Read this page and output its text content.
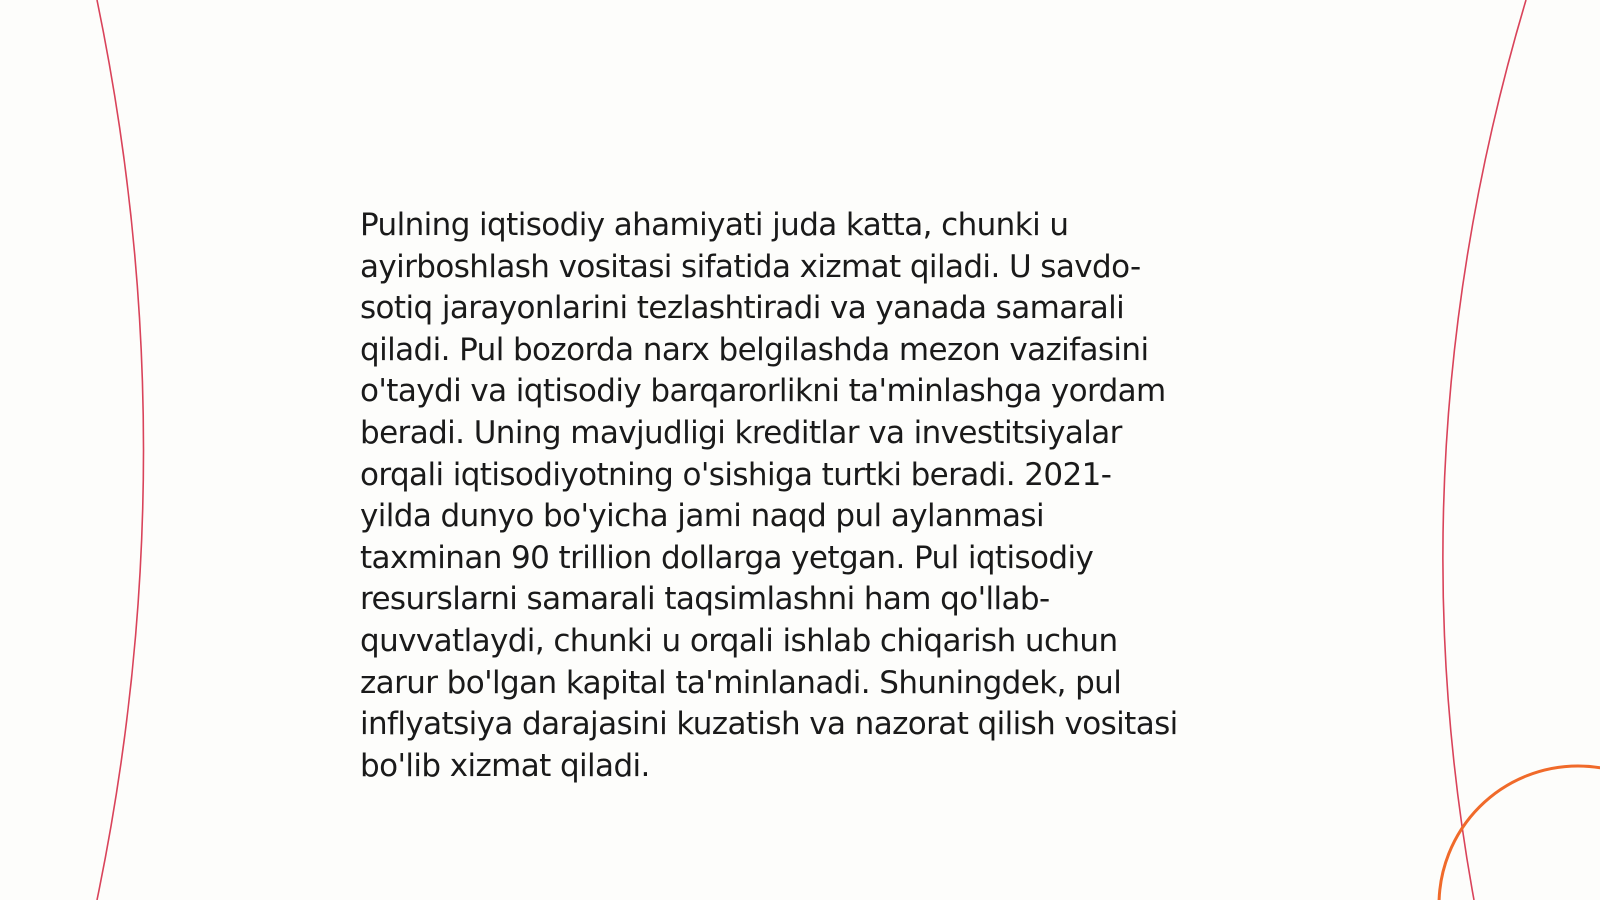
Pulning iqtisodiy ahamiyati juda katta, chunki u
ayirboshlash vositasi sifatida xizmat qiladi. U savdo-
sotiq jarayonlarini tezlashtiradi va yanada samarali
qiladi. Pul bozorda narx belgilashda mezon vazifasini
o'taydi va iqtisodiy barqarorlikni ta'minlashga yordam
beradi. Uning mavjudligi kreditlar va investitsiyalar
orqali iqtisodiyotning o'sishiga turtki beradi. 2021-
yilda dunyo bo'yicha jami naqd pul aylanmasi
taxminan 90 trillion dollarga yetgan. Pul iqtisodiy
resurslarni samarali taqsimlashni ham qo'llab-
quvvatlaydi, chunki u orqali ishlab chiqarish uchun
zarur bo'lgan kapital ta'minlanadi. Shuningdek, pul
inflyatsiya darajasini kuzatish va nazorat qilish vositasi
bo'lib xizmat qiladi.
